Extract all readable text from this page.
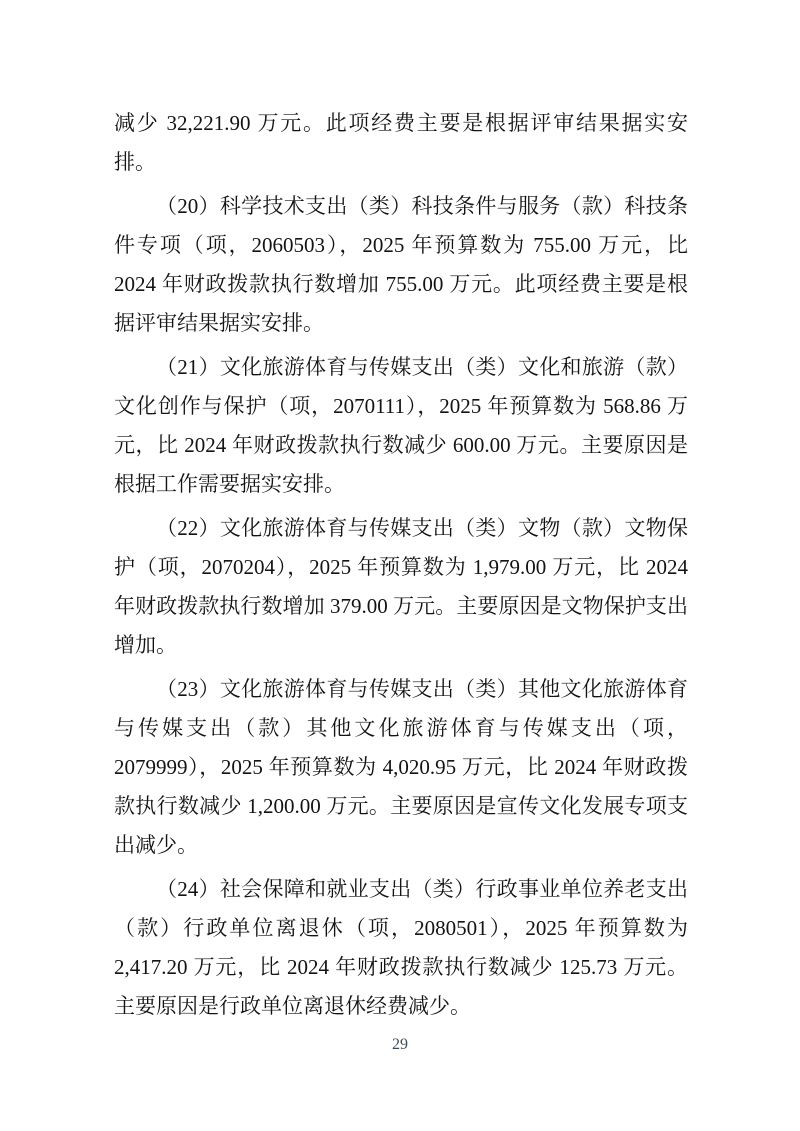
减少 32,221.90 万元。此项经费主要是根据评审结果据实安排。

（20）科学技术支出（类）科技条件与服务（款）科技条件专项（项，2060503），2025 年预算数为 755.00 万元，比 2024 年财政拨款执行数增加 755.00 万元。此项经费主要是根据评审结果据实安排。

（21）文化旅游体育与传媒支出（类）文化和旅游（款）文化创作与保护（项，2070111），2025 年预算数为 568.86 万元，比 2024 年财政拨款执行数减少 600.00 万元。主要原因是根据工作需要据实安排。

（22）文化旅游体育与传媒支出（类）文物（款）文物保护（项，2070204），2025 年预算数为 1,979.00 万元，比 2024 年财政拨款执行数增加 379.00 万元。主要原因是文物保护支出增加。

（23）文化旅游体育与传媒支出（类）其他文化旅游体育与传媒支出（款）其他文化旅游体育与传媒支出（项，2079999），2025 年预算数为 4,020.95 万元，比 2024 年财政拨款执行数减少 1,200.00 万元。主要原因是宣传文化发展专项支出减少。

（24）社会保障和就业支出（类）行政事业单位养老支出（款）行政单位离退休（项，2080501），2025 年预算数为 2,417.20 万元，比 2024 年财政拨款执行数减少 125.73 万元。主要原因是行政单位离退休经费减少。

29
